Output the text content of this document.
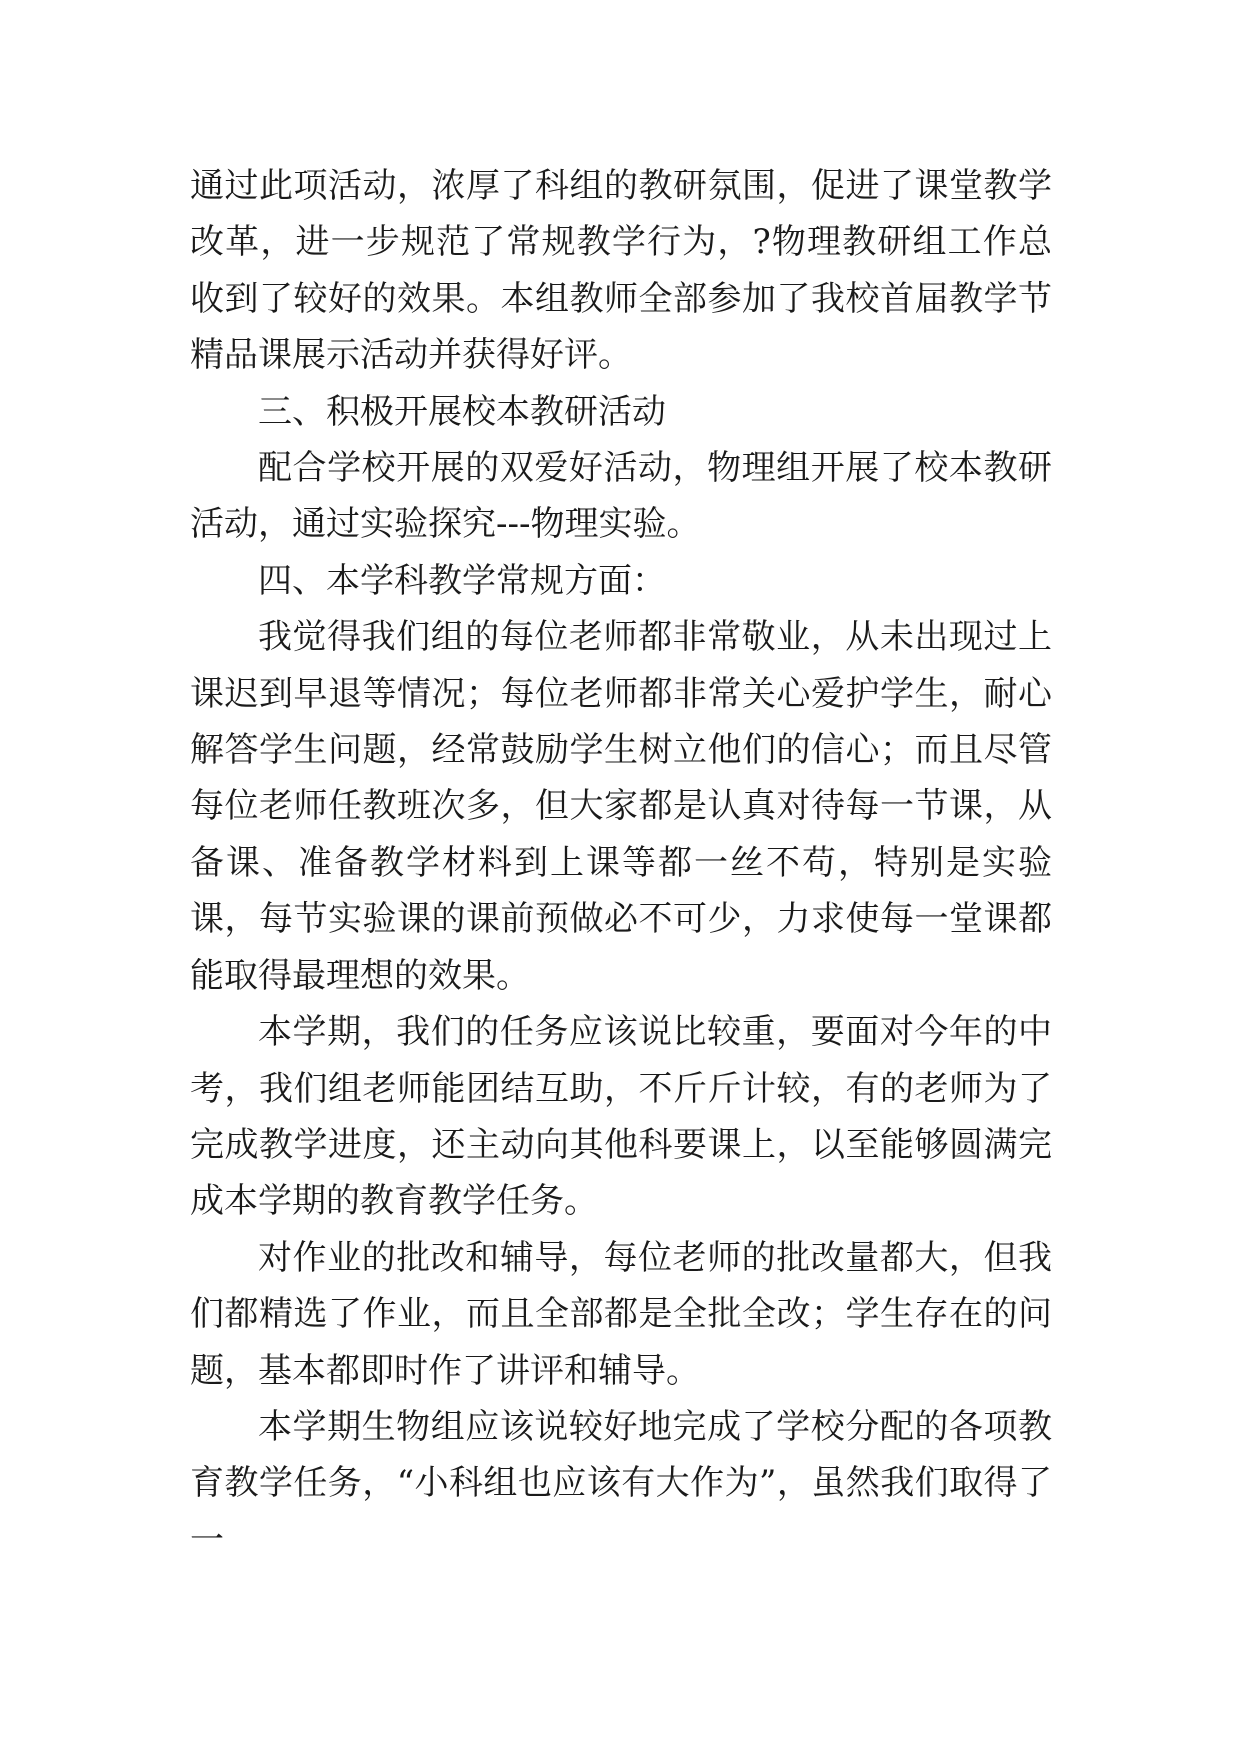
通过此项活动，浓厚了科组的教研氛围，促进了课堂教学改革，进一步规范了常规教学行为，?物理教研组工作总收到了较好的效果。本组教师全部参加了我校首届教学节精品课展示活动并获得好评。

三、积极开展校本教研活动

配合学校开展的双爱好活动，物理组开展了校本教研活动，通过实验探究---物理实验。

四、本学科教学常规方面：

我觉得我们组的每位老师都非常敬业，从未出现过上课迟到早退等情况；每位老师都非常关心爱护学生，耐心解答学生问题，经常鼓励学生树立他们的信心；而且尽管每位老师任教班次多，但大家都是认真对待每一节课，从备课、准备教学材料到上课等都一丝不苟，特别是实验课，每节实验课的课前预做必不可少，力求使每一堂课都能取得最理想的效果。

本学期，我们的任务应该说比较重，要面对今年的中考，我们组老师能团结互助，不斤斤计较，有的老师为了完成教学进度，还主动向其他科要课上，以至能够圆满完成本学期的教育教学任务。

对作业的批改和辅导，每位老师的批改量都大，但我们都精选了作业，而且全部都是全批全改；学生存在的问题，基本都即时作了讲评和辅导。

本学期生物组应该说较好地完成了学校分配的各项教育教学任务，“小科组也应该有大作为”，虽然我们取得了一
